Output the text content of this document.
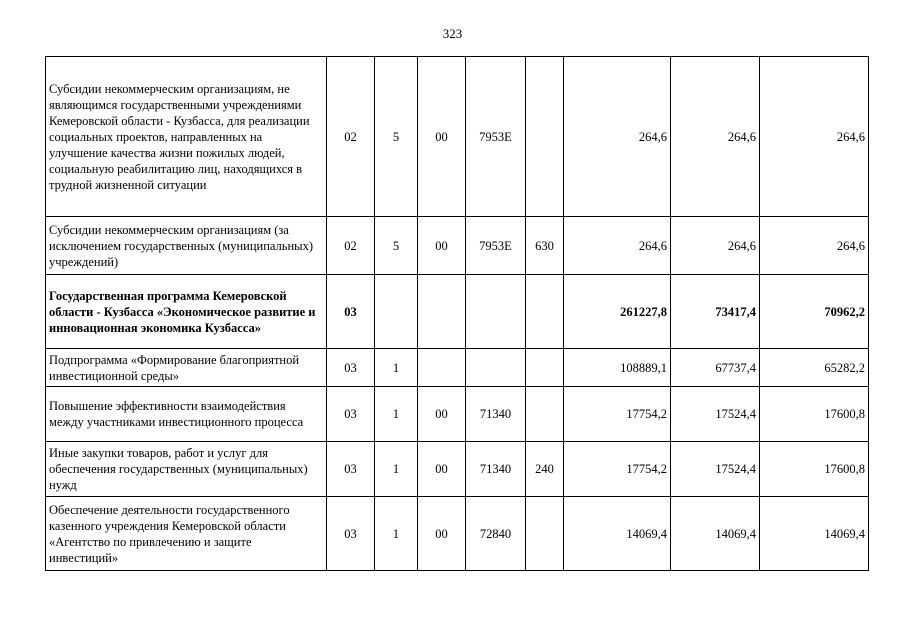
323
Субсидии некоммерческим организациям, не являющимся государственными учреждениями Кемеровской области - Кузбасса, для реализации социальных проектов, направленных на улучшение качества жизни пожилых людей, социальную реабилитацию лиц, находящихся в трудной жизненной ситуации	02	5	00	7953E		264,6	264,6	264,6
Субсидии некоммерческим организациям (за исключением государственных (муниципальных) учреждений)	02	5	00	7953E	630	264,6	264,6	264,6
Государственная программа Кемеровской области - Кузбасса «Экономическое развитие и инновационная экономика Кузбасса»	03					261227,8	73417,4	70962,2
Подпрограмма «Формирование благоприятной инвестиционной среды»	03	1				108889,1	67737,4	65282,2
Повышение эффективности взаимодействия между участниками инвестиционного процесса	03	1	00	71340		17754,2	17524,4	17600,8
Иные закупки товаров, работ и услуг для обеспечения государственных (муниципальных) нужд	03	1	00	71340	240	17754,2	17524,4	17600,8
Обеспечение деятельности государственного казенного учреждения Кемеровской области «Агентство по привлечению и защите инвестиций»	03	1	00	72840		14069,4	14069,4	14069,4
